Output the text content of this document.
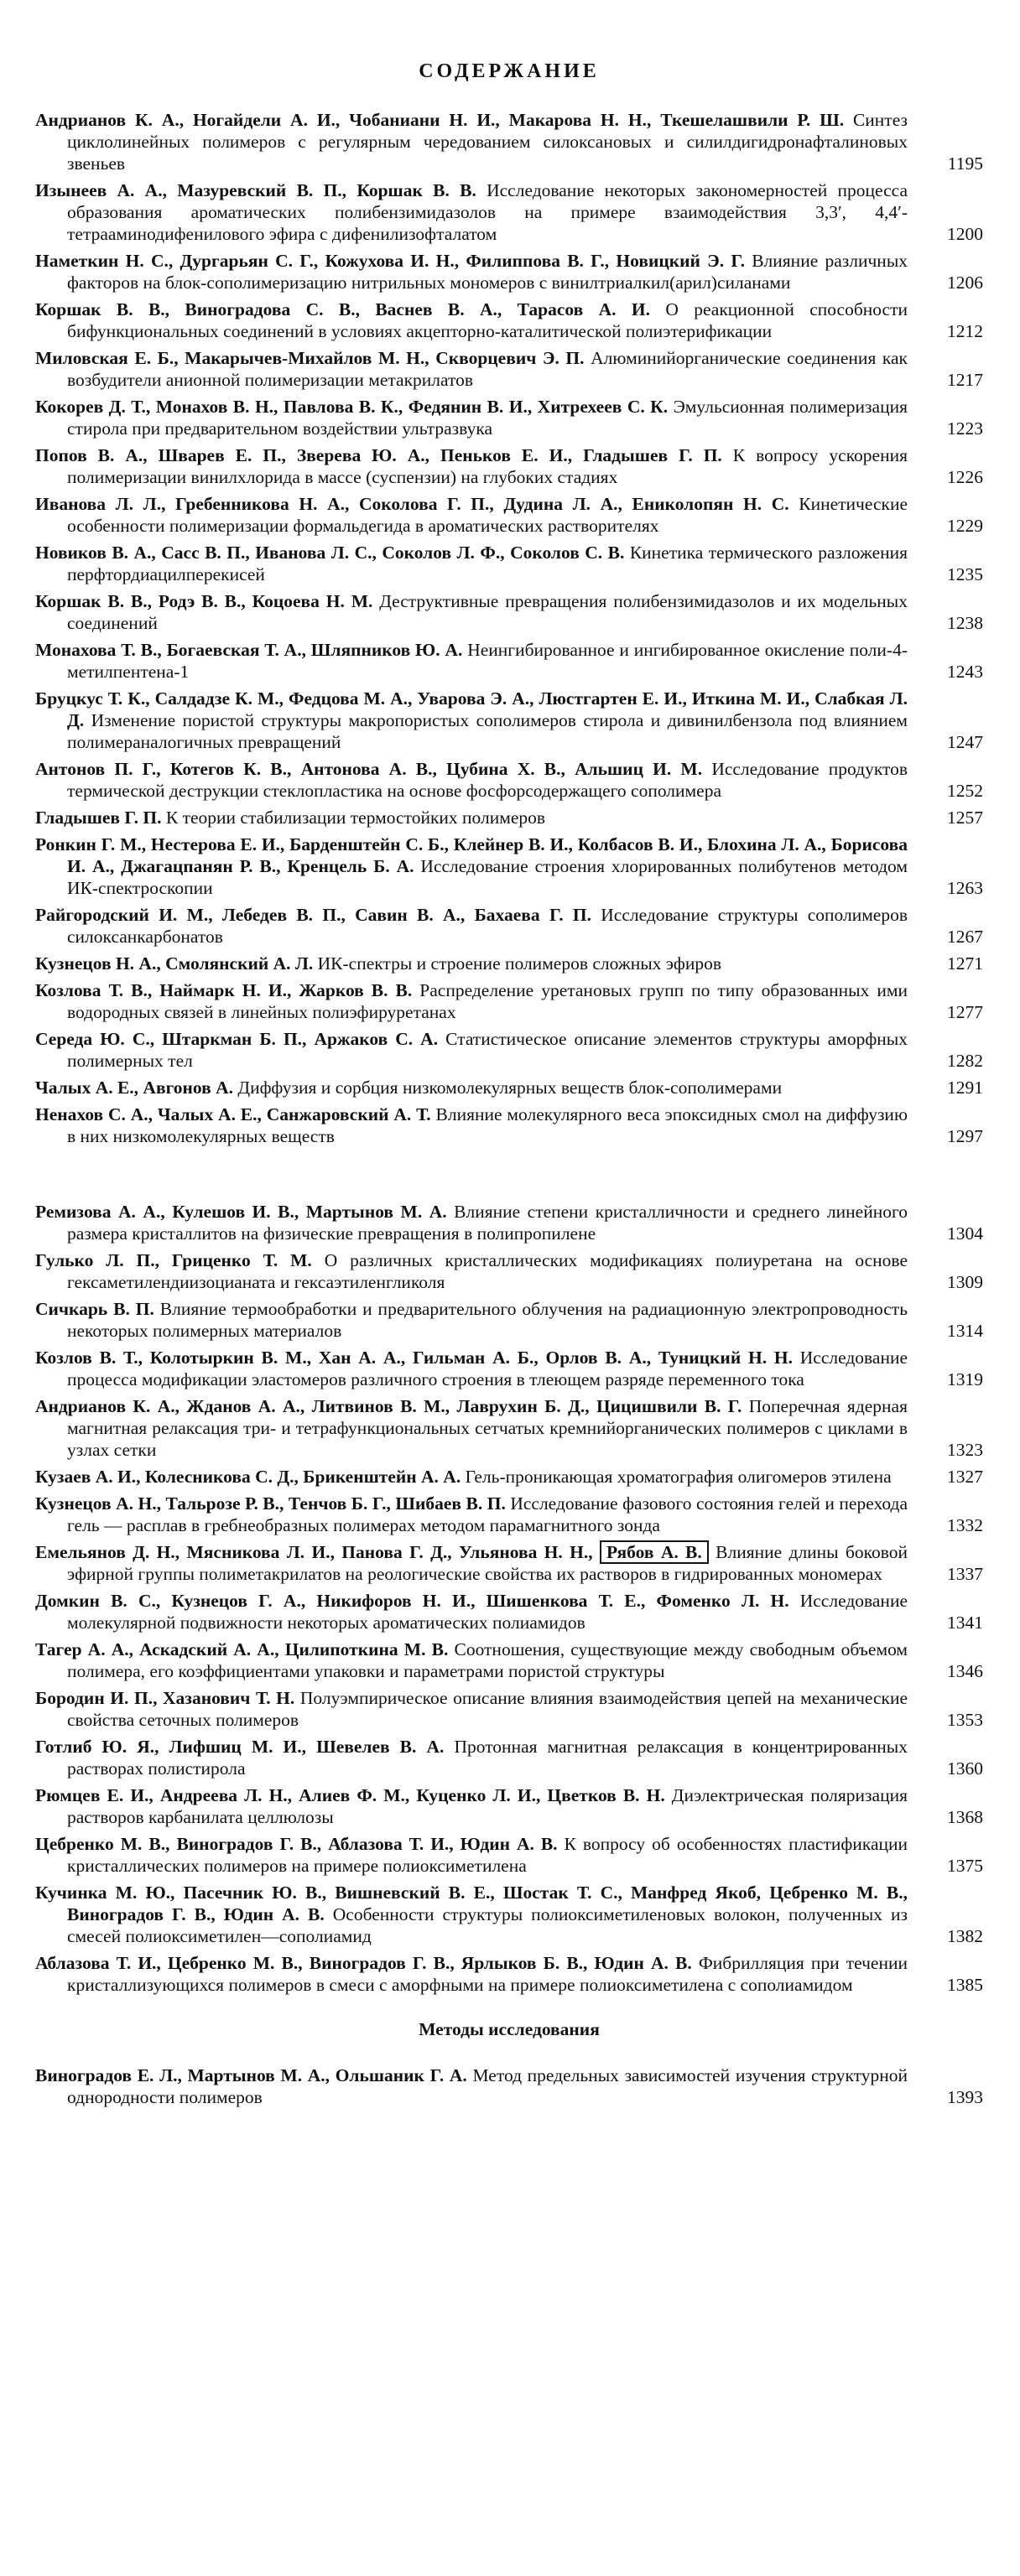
СОДЕРЖАНИЕ
Андрианов К. А., Ногайдели А. И., Чобаниани Н. И., Макарова Н. Н., Ткешелашвили Р. Ш. Синтез циклолинейных полимеров с регулярным чередованием силоксановых и силилдигидронафталиновых звеньев	1195
Изынеев А. А., Мазуревский В. П., Коршак В. В. Исследование некоторых закономерностей процесса образования ароматических полибензимидазолов на примере взаимодействия 3,3′, 4,4′-тетрааминодифенилового эфира с дифенилизофталатом	1200
Наметкин Н. С., Дургарьян С. Г., Кожухова И. Н., Филиппова В. Г., Новицкий Э. Г. Влияние различных факторов на блок-сополимеризацию нитрильных мономеров с винилтриалкил(арил)силанами	1206
Коршак В. В., Виноградова С. В., Васнев В. А., Тарасов А. И. О реакционной способности бифункциональных соединений в условиях акцепторно-каталитической полиэтерификации	1212
Миловская Е. Б., Макарычев-Михайлов М. Н., Скворцевич Э. П. Алюминийорганические соединения как возбудители анионной полимеризации метакрилатов	1217
Кокорев Д. Т., Монахов В. Н., Павлова В. К., Федянин В. И., Хитрехеев С. К. Эмульсионная полимеризация стирола при предварительном воздействии ультразвука	1223
Попов В. А., Шварев Е. П., Зверева Ю. А., Пеньков Е. И., Гладышев Г. П. К вопросу ускорения полимеризации винилхлорида в массе (суспензии) на глубоких стадиях	1226
Иванова Л. Л., Гребенникова Н. А., Соколова Г. П., Дудина Л. А., Ениколопян Н. С. Кинетические особенности полимеризации формальдегида в ароматических растворителях	1229
Новиков В. А., Сасс В. П., Иванова Л. С., Соколов Л. Ф., Соколов С. В. Кинетика термического разложения перфтордиацилперекисей	1235
Коршак В. В., Родэ В. В., Коцоева Н. М. Деструктивные превращения полибензимидазолов и их модельных соединений	1238
Монахова Т. В., Богаевская Т. А., Шляпников Ю. А. Неингибированное и ингибированное окисление поли-4-метилпентена-1	1243
Бруцкус Т. К., Салдадзе К. М., Федцова М. А., Уварова Э. А., Люстгартен Е. И., Иткина М. И., Слабкая Л. Д. Изменение пористой структуры макропористых сополимеров стирола и дивинилбензола под влиянием полимераналогичных превращений	1247
Антонов П. Г., Котегов К. В., Антонова А. В., Цубина Х. В., Альшиц И. М. Исследование продуктов термической деструкции стеклопластика на основе фосфорсодержащего сополимера	1252
Гладышев Г. П. К теории стабилизации термостойких полимеров	1257
Ронкин Г. М., Нестерова Е. И., Барденштейн С. Б., Клейнер В. И., Колбасов В. И., Блохина Л. А., Борисова И. А., Джагацпанян Р. В., Кренцель Б. А. Исследование строения хлорированных полибутенов методом ИК-спектроскопии	1263
Райгородский И. М., Лебедев В. П., Савин В. А., Бахаева Г. П. Исследование структуры сополимеров силоксанкарбонатов	1267
Кузнецов Н. А., Смолянский А. Л. ИК-спектры и строение полимеров сложных эфиров	1271
Козлова Т. В., Наймарк Н. И., Жарков В. В. Распределение уретановых групп по типу образованных ими водородных связей в линейных полиэфируретанах	1277
Середа Ю. С., Штаркман Б. П., Аржаков С. А. Статистическое описание элементов структуры аморфных полимерных тел	1282
Чалых А. Е., Авгонов А. Диффузия и сорбция низкомолекулярных веществ блок-сополимерами	1291
Ненахов С. А., Чалых А. Е., Санжаровский А. Т. Влияние молекулярного веса эпоксидных смол на диффузию в них низкомолекулярных веществ	1297
Ремизова А. А., Кулешов И. В., Мартынов М. А. Влияние степени кристалличности и среднего линейного размера кристаллитов на физические превращения в полипропилене	1304
Гулько Л. П., Гриценко Т. М. О различных кристаллических модификациях полиуретана на основе гексаметилендиизоцианата и гексаэтиленгликоля	1309
Сичкарь В. П. Влияние термообработки и предварительного облучения на радиационную электропроводность некоторых полимерных материалов	1314
Козлов В. Т., Колотыркин В. М., Хан А. А., Гильман А. Б., Орлов В. А., Туницкий Н. Н. Исследование процесса модификации эластомеров различного строения в тлеющем разряде переменного тока	1319
Андрианов К. А., Жданов А. А., Литвинов В. М., Лаврухин Б. Д., Цицишвили В. Г. Поперечная ядерная магнитная релаксация три- и тетрафункциональных сетчатых кремнийорганических полимеров с циклами в узлах сетки	1323
Кузаев А. И., Колесникова С. Д., Брикенштейн А. А. Гель-проникающая хроматография олигомеров этилена	1327
Кузнецов А. Н., Тальрозе Р. В., Тенчов Б. Г., Шибаев В. П. Исследование фазового состояния гелей и перехода гель — расплав в гребнеобразных полимерах методом парамагнитного зонда	1332
Емельянов Д. Н., Мясникова Л. И., Панова Г. Д., Ульянова Н. Н., Рябов А. В. Влияние длины боковой эфирной группы полиметакрилатов на реологические свойства их растворов в гидрированных мономерах	1337
Домкин В. С., Кузнецов Г. А., Никифоров Н. И., Шишенкова Т. Е., Фоменко Л. Н. Исследование молекулярной подвижности некоторых ароматических полиамидов	1341
Тагер А. А., Аскадский А. А., Цилипоткина М. В. Соотношения, существующие между свободным объемом полимера, его коэффициентами упаковки и параметрами пористой структуры	1346
Бородин И. П., Хазанович Т. Н. Полуэмпирическое описание влияния взаимодействия цепей на механические свойства сеточных полимеров	1353
Готлиб Ю. Я., Лифшиц М. И., Шевелев В. А. Протонная магнитная релаксация в концентрированных растворах полистирола	1360
Рюмцев Е. И., Андреева Л. Н., Алиев Ф. М., Куценко Л. И., Цветков В. Н. Диэлектрическая поляризация растворов карбанилата целлюлозы	1368
Цебренко М. В., Виноградов Г. В., Аблазова Т. И., Юдин А. В. К вопросу об особенностях пластификации кристаллических полимеров на примере полиоксиметилена	1375
Кучинка М. Ю., Пасечник Ю. В., Вишневский В. Е., Шостак Т. С., Манфред Якоб, Цебренко М. В., Виноградов Г. В., Юдин А. В. Особенности структуры полиоксиметиленовых волокон, полученных из смесей полиоксиметилен—сополиамид	1382
Аблазова Т. И., Цебренко М. В., Виноградов Г. В., Ярлыков Б. В., Юдин А. В. Фибрилляция при течении кристаллизующихся полимеров в смеси с аморфными на примере полиоксиметилена с сополиамидом	1385
Методы исследования
Виноградов Е. Л., Мартынов М. А., Ольшаник Г. А. Метод предельных зависимостей изучения структурной однородности полимеров	1393
